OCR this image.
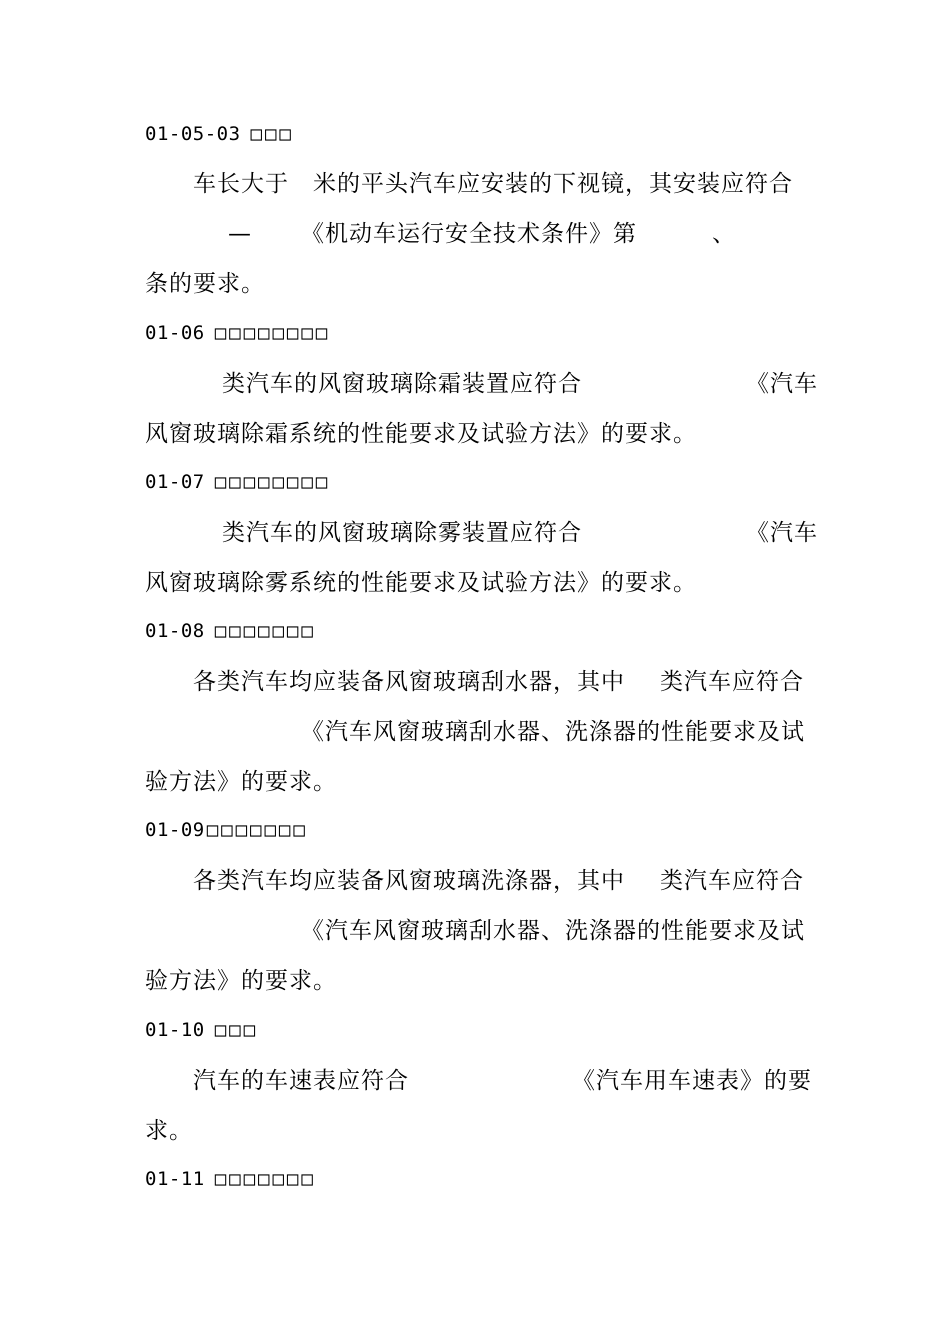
01-05-03 □□□
车长大于 米的平头汽车应安装的下视镜，其安装应符合
— 《机动车运行安全技术条件》第	、
条的要求。
01-06 □□□□□□□□
类汽车的风窗玻璃除霜装置应符合	《汽车
风窗玻璃除霜系统的性能要求及试验方法》的要求。
01-07 □□□□□□□□
类汽车的风窗玻璃除雾装置应符合	《汽车
风窗玻璃除雾系统的性能要求及试验方法》的要求。
01-08 □□□□□□□
各类汽车均应装备风窗玻璃刮水器，其中 类汽车应符合
《汽车风窗玻璃刮水器、洗涤器的性能要求及试
验方法》的要求。
01-09 □□□□□□□
各类汽车均应装备风窗玻璃洗涤器，其中 类汽车应符合
《汽车风窗玻璃刮水器、洗涤器的性能要求及试
验方法》的要求。
01-10 □□□
汽车的车速表应符合	《汽车用车速表》的要
求。
01-11 □□□□□□□
